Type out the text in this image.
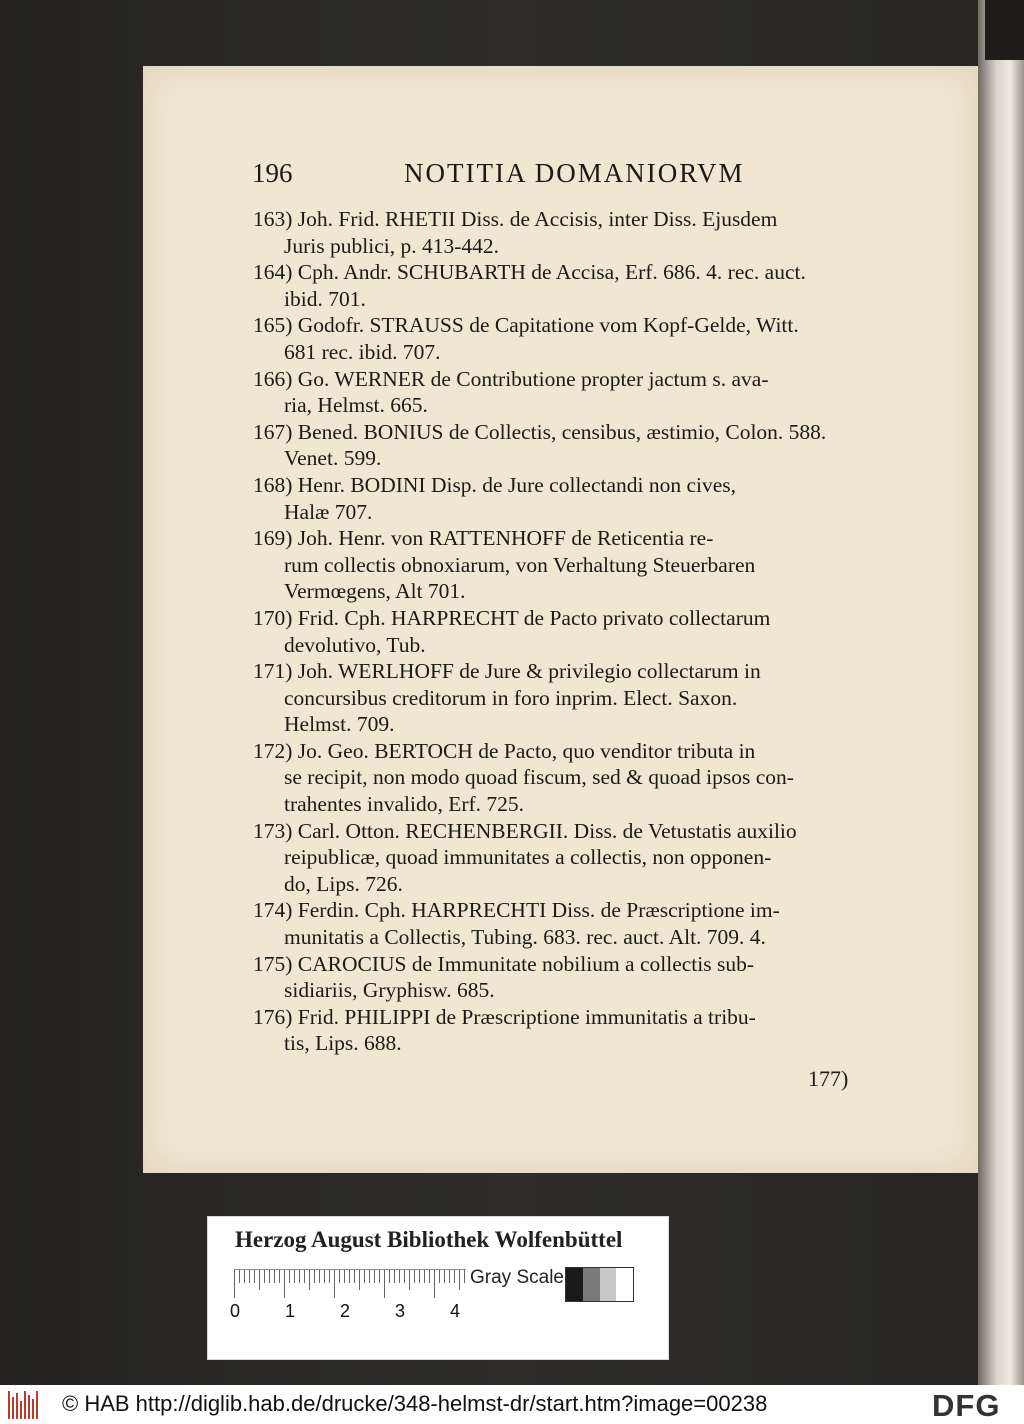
196	NOTITIA DOMANIORVM
163) Joh. Frid. RHETII Diss. de Accisis, inter Diss. Ejusdem
Juris publici, p. 413-442.
164) Cph. Andr. SCHUBARTH de Accisa, Erf. 686. 4. rec. auct.
ibid. 701.
165) Godofr. STRAUSS de Capitatione vom Kopf-Gelde, Witt.
681 rec. ibid. 707.
166) Go. WERNER de Contributione propter jactum s. ava-
ria, Helmst. 665.
167) Bened. BONIUS de Collectis, censibus, æstimio, Colon. 588.
Venet. 599.
168) Henr. BODINI Disp. de Jure collectandi non cives,
Halæ 707.
169) Joh. Henr. von RATTENHOFF de Reticentia re-
rum collectis obnoxiarum, von Verhaltung Steuerbaren
Vermœgens, Alt 701.
170) Frid. Cph. HARPRECHT de Pacto privato collectarum
devolutivo, Tub.
171) Joh. WERLHOFF de Jure & privilegio collectarum in
concursibus creditorum in foro inprim. Elect. Saxon.
Helmst. 709.
172) Jo. Geo. BERTOCH de Pacto, quo venditor tributa in
se recipit, non modo quoad fiscum, sed & quoad ipsos con-
trahentes invalido, Erf. 725.
173) Carl. Otton. RECHENBERGII. Diss. de Vetustatis auxilio
reipublicæ, quoad immunitates a collectis, non opponen-
do, Lips. 726.
174) Ferdin. Cph. HARPRECHTI Diss. de Præscriptione im-
munitatis a Collectis, Tubing. 683. rec. auct. Alt. 709. 4.
175) CAROCIUS de Immunitate nobilium a collectis sub-
sidiariis, Gryphisw. 685.
176) Frid. PHILIPPI de Præscriptione immunitatis a tribu-
tis, Lips. 688.
177)
Herzog August Bibliothek Wolfenbüttel
0 1 2 3 4
Gray Scale
© HAB http://diglib.hab.de/drucke/348-helmst-dr/start.htm?image=00238	DFG
